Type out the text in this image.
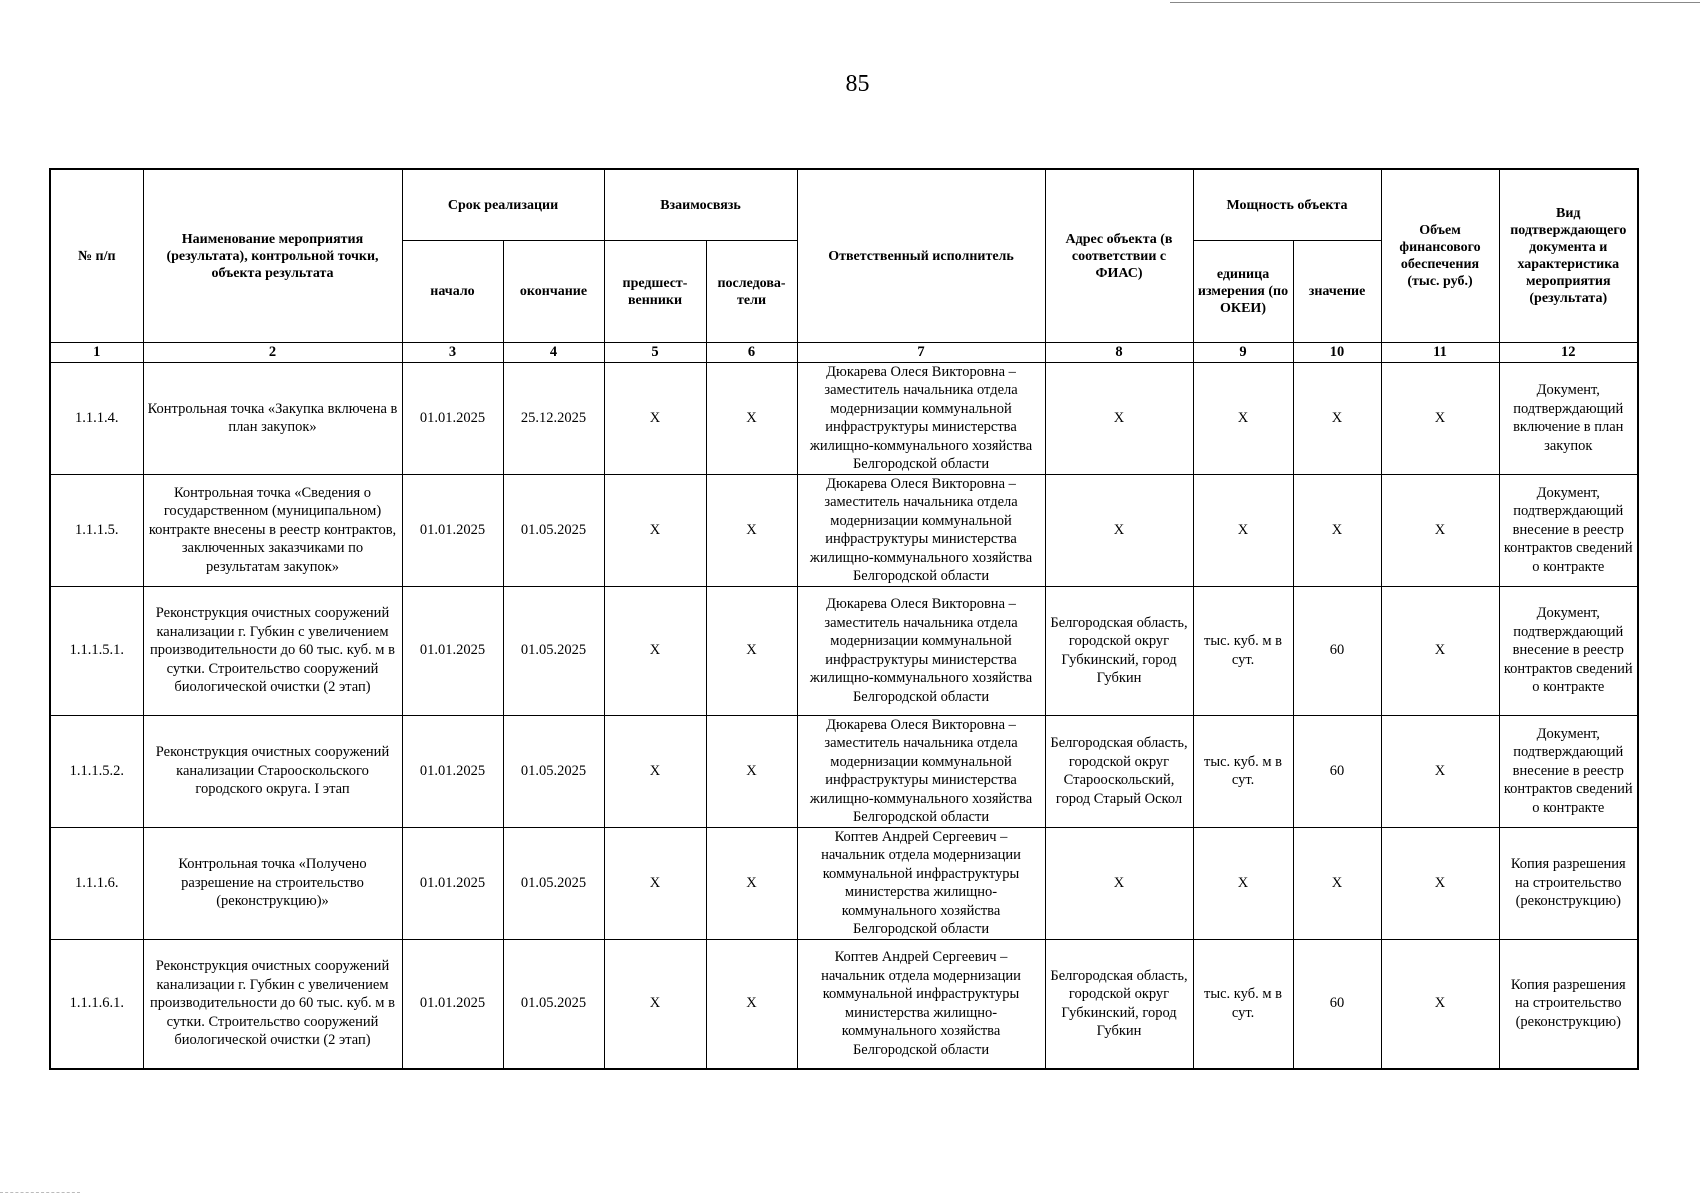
85
№ п/п	Наименование мероприятия (результата), контрольной точки, объекта результата	Срок реализации		Взаимосвязь		Ответственный исполнитель	Адрес объекта (в соответствии с ФИАС)	Мощность объекта		Объем финансового обеспечения (тыс. руб.)	Вид подтверждающего документа и характеристика мероприятия (результата)
		начало	окончание	предшест-венники	последова-тели			единица измерения (по ОКЕИ)	значение		
1	2	3	4	5	6	7	8	9	10	11	12
1.1.1.4.	Контрольная точка «Закупка включена в план закупок»	01.01.2025	25.12.2025	X	X	Дюкарева Олеся Викторовна – заместитель начальника отдела модернизации коммунальной инфраструктуры министерства жилищно-коммунального хозяйства Белгородской области	X	X	X	X	Документ, подтверждающий включение в план закупок
1.1.1.5.	Контрольная точка «Сведения о государственном (муниципальном) контракте внесены в реестр контрактов, заключенных заказчиками по результатам закупок»	01.01.2025	01.05.2025	X	X	Дюкарева Олеся Викторовна – заместитель начальника отдела модернизации коммунальной инфраструктуры министерства жилищно-коммунального хозяйства Белгородской области	X	X	X	X	Документ, подтверждающий внесение в реестр контрактов сведений о контракте
1.1.1.5.1.	Реконструкция очистных сооружений канализации г. Губкин с увеличением производительности до 60 тыс. куб. м в сутки. Строительство сооружений биологической очистки (2 этап)	01.01.2025	01.05.2025	X	X	Дюкарева Олеся Викторовна – заместитель начальника отдела модернизации коммунальной инфраструктуры министерства жилищно-коммунального хозяйства Белгородской области	Белгородская область, городской округ Губкинский, город Губкин	тыс. куб. м в сут.	60	X	Документ, подтверждающий внесение в реестр контрактов сведений о контракте
1.1.1.5.2.	Реконструкция очистных сооружений канализации Старооскольского городского округа. I этап	01.01.2025	01.05.2025	X	X	Дюкарева Олеся Викторовна – заместитель начальника отдела модернизации коммунальной инфраструктуры министерства жилищно-коммунального хозяйства Белгородской области	Белгородская область, городской округ Старооскольский, город Старый Оскол	тыс. куб. м в сут.	60	X	Документ, подтверждающий внесение в реестр контрактов сведений о контракте
1.1.1.6.	Контрольная точка «Получено разрешение на строительство (реконструкцию)»	01.01.2025	01.05.2025	X	X	Коптев Андрей Сергеевич – начальник отдела модернизации коммунальной инфраструктуры министерства жилищно-коммунального хозяйства Белгородской области	X	X	X	X	Копия разрешения на строительство (реконструкцию)
1.1.1.6.1.	Реконструкция очистных сооружений канализации г. Губкин с увеличением производительности до 60 тыс. куб. м в сутки. Строительство сооружений биологической очистки (2 этап)	01.01.2025	01.05.2025	X	X	Коптев Андрей Сергеевич – начальник отдела модернизации коммунальной инфраструктуры министерства жилищно-коммунального хозяйства Белгородской области	Белгородская область, городской округ Губкинский, город Губкин	тыс. куб. м в сут.	60	X	Копия разрешения на строительство (реконструкцию)
